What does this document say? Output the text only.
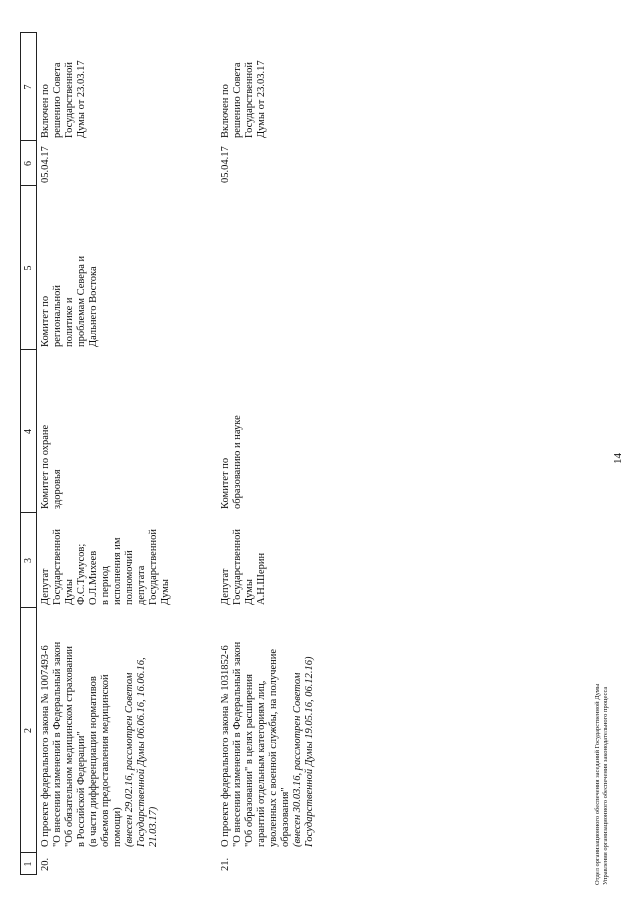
14
1
2
3
4
5
6
7
20.
О проекте федерального закона № 1007493-6
"О внесении изменений в Федеральный закон
"Об обязательном медицинском страховании
в Российской Федерации"
(в части дифференциации нормативов
объемов предоставления медицинской
помощи)
(внесен 29.02.16, рассмотрен Советом
Государственной Думы 06.06.16, 16.06.16,
21.03.17)
Депутат
Государственной
Думы
Ф.С.Тумусов;
О.Л.Михеев
в период
исполнения им
полномочий
депутата
Государственной
Думы
Комитет по охране
здоровья
Комитет по
региональной
политике и
проблемам Севера и
Дальнего Востока
05.04.17
Включен по
решению Совета
Государственной
Думы от 23.03.17
21.
О проекте федерального закона № 1031852-6
"О внесении изменений в Федеральный закон
"Об образовании" в целях расширения
гарантий отдельным категориям лиц,
уволенных с военной службы, на получение
образования"
(внесен 30.03.16, рассмотрен Советом
Государственной Думы 19.05.16, 06.12.16)
Депутат
Государственной
Думы
А.Н.Шерин
Комитет по
образованию и науке
05.04.17
Включен по
решению Совета
Государственной
Думы от 23.03.17
Отдел организационного обеспечения заседаний Государственной Думы
Управления организационного обеспечения законодательного процесса
